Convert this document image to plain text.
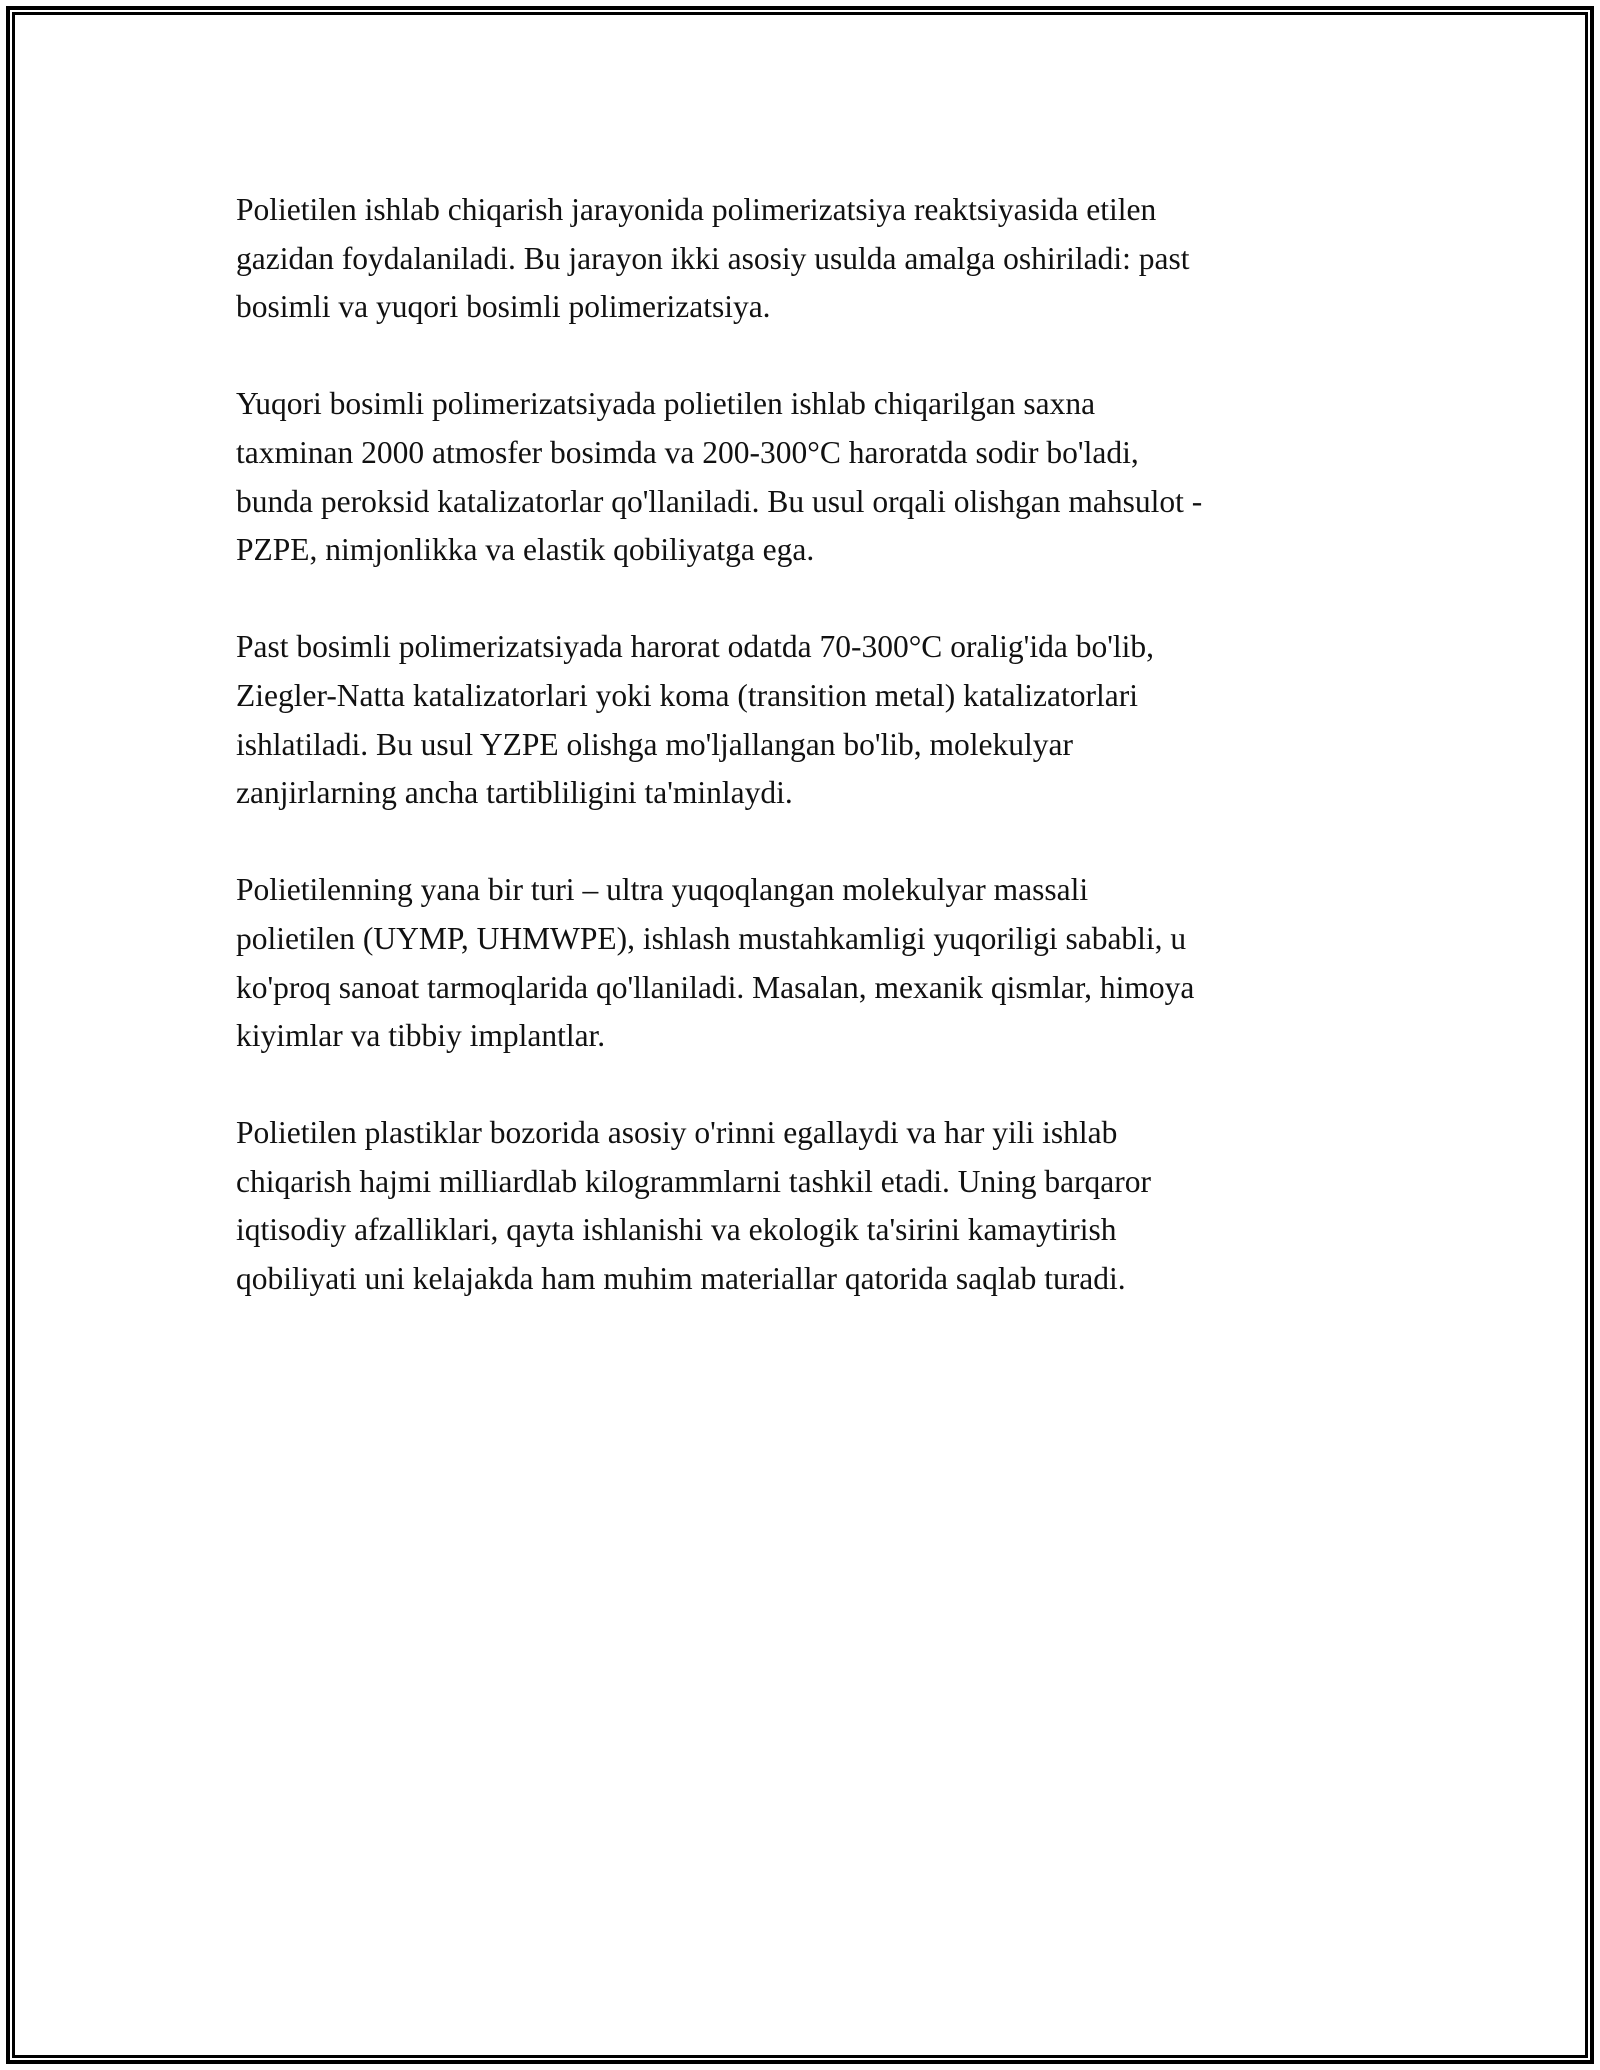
Polietilen ishlab chiqarish jarayonida polimerizatsiya reaktsiyasida etilen
gazidan foydalaniladi. Bu jarayon ikki asosiy usulda amalga oshiriladi: past
bosimli va yuqori bosimli polimerizatsiya.

Yuqori bosimli polimerizatsiyada polietilen ishlab chiqarilgan saxna
taxminan 2000 atmosfer bosimda va 200-300°C haroratda sodir bo'ladi,
bunda peroksid katalizatorlar qo'llaniladi. Bu usul orqali olishgan mahsulot -
PZPE, nimjonlikka va elastik qobiliyatga ega.

Past bosimli polimerizatsiyada harorat odatda 70-300°C oralig'ida bo'lib,
Ziegler-Natta katalizatorlari yoki koma (transition metal) katalizatorlari
ishlatiladi. Bu usul YZPE olishga mo'ljallangan bo'lib, molekulyar
zanjirlarning ancha tartibliligini ta'minlaydi.

Polietilenning yana bir turi – ultra yuqoqlangan molekulyar massali
polietilen (UYMP, UHMWPE), ishlash mustahkamligi yuqoriligi sababli, u
ko'proq sanoat tarmoqlarida qo'llaniladi. Masalan, mexanik qismlar, himoya
kiyimlar va tibbiy implantlar.

Polietilen plastiklar bozorida asosiy o'rinni egallaydi va har yili ishlab
chiqarish hajmi milliardlab kilogrammlarni tashkil etadi. Uning barqaror
iqtisodiy afzalliklari, qayta ishlanishi va ekologik ta'sirini kamaytirish
qobiliyati uni kelajakda ham muhim materiallar qatorida saqlab turadi.
